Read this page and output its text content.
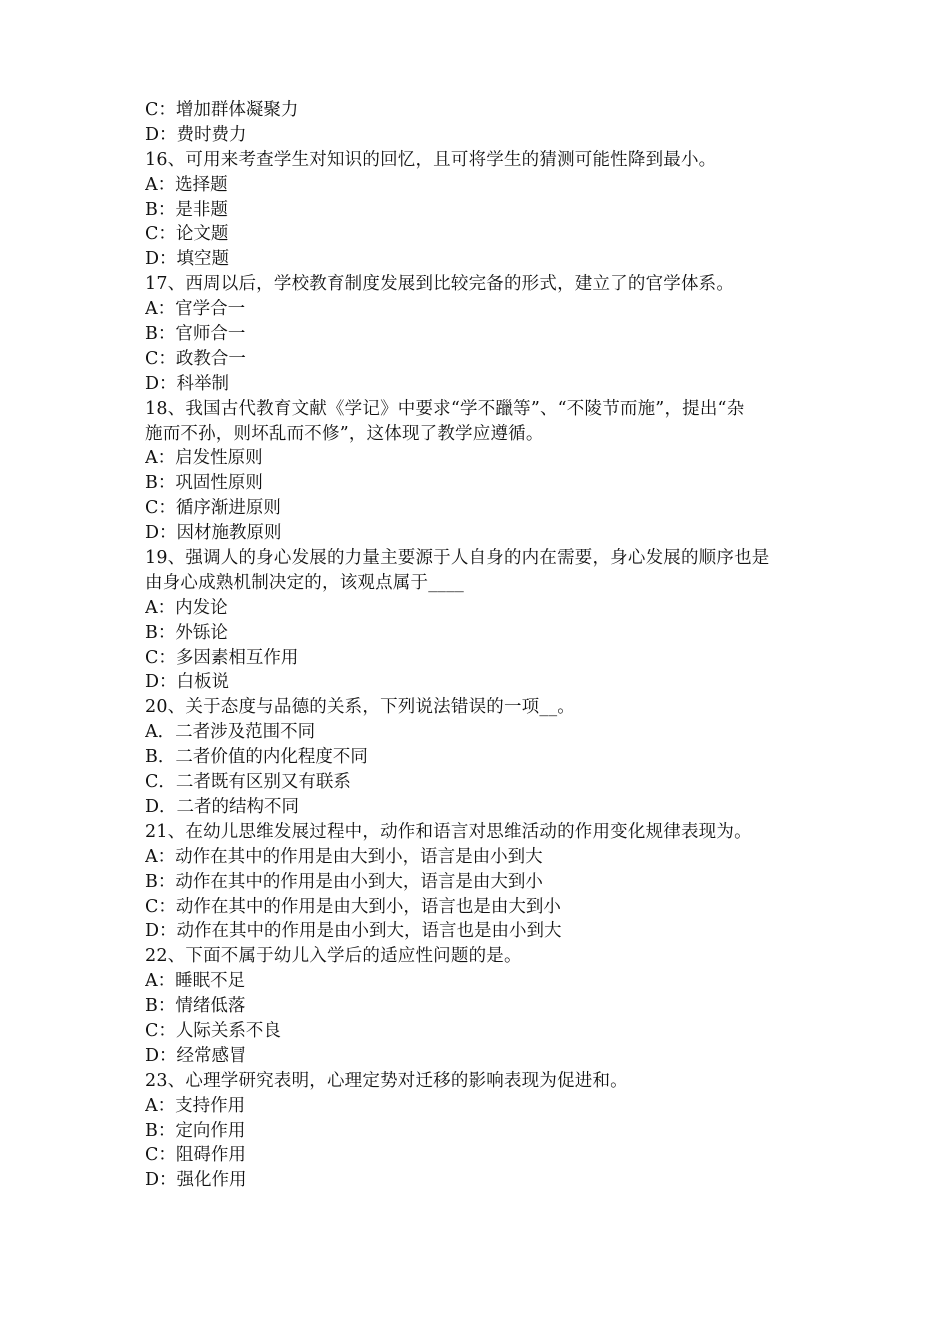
C：增加群体凝聚力
D：费时费力
16、可用来考查学生对知识的回忆，且可将学生的猜测可能性降到最小。
A：选择题
B：是非题
C：论文题
D：填空题
17、西周以后，学校教育制度发展到比较完备的形式，建立了的官学体系。
A：官学合一
B：官师合一
C：政教合一
D：科举制
18、我国古代教育文献《学记》中要求“学不躐等”、“不陵节而施”，提出“杂
施而不孙，则坏乱而不修”，这体现了教学应遵循。
A：启发性原则
B：巩固性原则
C：循序渐进原则
D：因材施教原则
19、强调人的身心发展的力量主要源于人自身的内在需要，身心发展的顺序也是
由身心成熟机制决定的，该观点属于____
A：内发论
B：外铄论
C：多因素相互作用
D：白板说
20、关于态度与品德的关系，下列说法错误的一项__。
A．二者涉及范围不同
B．二者价值的内化程度不同
C．二者既有区别又有联系
D．二者的结构不同
21、在幼儿思维发展过程中，动作和语言对思维活动的作用变化规律表现为。
A：动作在其中的作用是由大到小，语言是由小到大
B：动作在其中的作用是由小到大，语言是由大到小
C：动作在其中的作用是由大到小，语言也是由大到小
D：动作在其中的作用是由小到大，语言也是由小到大
22、下面不属于幼儿入学后的适应性问题的是。
A：睡眠不足
B：情绪低落
C：人际关系不良
D：经常感冒
23、心理学研究表明，心理定势对迁移的影响表现为促进和。
A：支持作用
B：定向作用
C：阻碍作用
D：强化作用
